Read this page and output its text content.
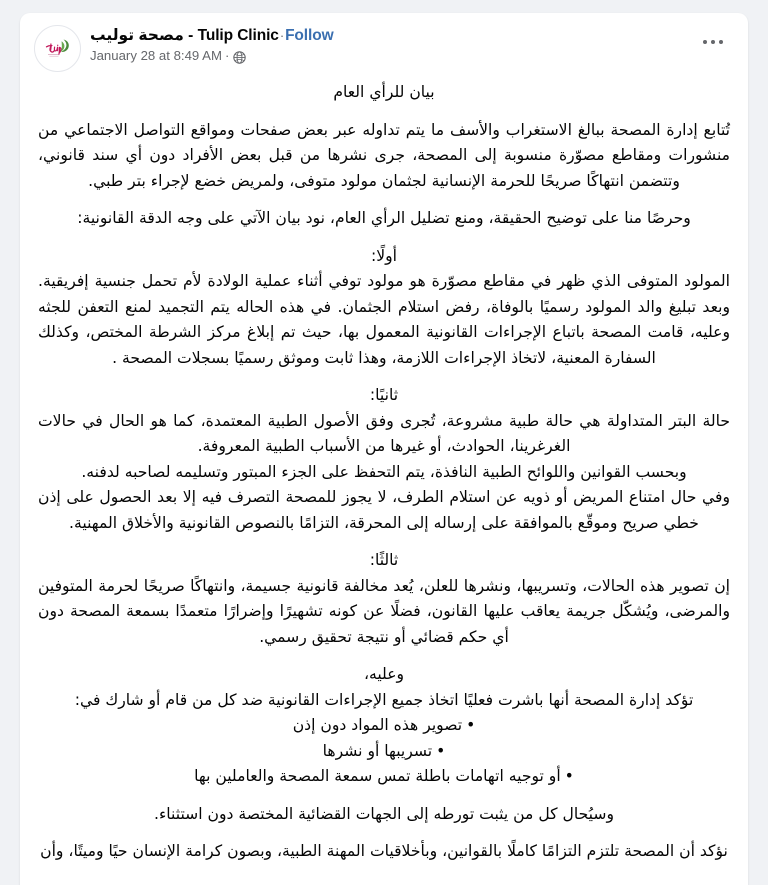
مصحة توليب - Tulip Clinic·Follow
January 28 at 8:49 AM ·

بيان للرأي العام

تُتابع إدارة المصحة ببالغ الاستغراب والأسف ما يتم تداوله عبر بعض صفحات ومواقع التواصل الاجتماعي من منشورات ومقاطع مصوّرة منسوبة إلى المصحة، جرى نشرها من قبل بعض الأفراد دون أي سند قانوني، وتتضمن انتهاكًا صريحًا للحرمة الإنسانية لجثمان مولود متوفى، ولمريض خضع لإجراء بتر طبي.

وحرصًا منا على توضيح الحقيقة، ومنع تضليل الرأي العام، نود بيان الآتي على وجه الدقة القانونية:

أولًا:

المولود المتوفى الذي ظهر في مقاطع مصوّرة هو مولود توفي أثناء عملية الولادة لأم تحمل جنسية إفريقية. وبعد تبليغ والد المولود رسميًا بالوفاة، رفض استلام الجثمان. في هذه الحاله يتم التجميد لمنع التعفن للجثه وعليه، قامت المصحة باتباع الإجراءات القانونية المعمول بها، حيث تم إبلاغ مركز الشرطة المختص، وكذلك السفارة المعنية، لاتخاذ الإجراءات اللازمة، وهذا ثابت وموثق رسميًا بسجلات المصحة .

ثانيًا:

حالة البتر المتداولة هي حالة طبية مشروعة، تُجرى وفق الأصول الطبية المعتمدة، كما هو الحال في حالات الغرغرينا، الحوادث، أو غيرها من الأسباب الطبية المعروفة.

وبحسب القوانين واللوائح الطبية النافذة، يتم التحفظ على الجزء المبتور وتسليمه لصاحبه لدفنه.

وفي حال امتناع المريض أو ذويه عن استلام الطرف، لا يجوز للمصحة التصرف فيه إلا بعد الحصول على إذن خطي صريح وموقّع بالموافقة على إرساله إلى المحرقة، التزامًا بالنصوص القانونية والأخلاق المهنية.

ثالثًا:

إن تصوير هذه الحالات، وتسريبها، ونشرها للعلن، يُعد مخالفة قانونية جسيمة، وانتهاكًا صريحًا لحرمة المتوفين والمرضى، ويُشكّل جريمة يعاقب عليها القانون، فضلًا عن كونه تشهيرًا وإضرارًا متعمدًا بسمعة المصحة دون أي حكم قضائي أو نتيجة تحقيق رسمي.

وعليه،

تؤكد إدارة المصحة أنها باشرت فعليًا اتخاذ جميع الإجراءات القانونية ضد كل من قام أو شارك في:

•تصوير هذه المواد دون إذن

•تسريبها أو نشرها

•أو توجيه اتهامات باطلة تمس سمعة المصحة والعاملين بها

وسيُحال كل من يثبت تورطه إلى الجهات القضائية المختصة دون استثناء.

نؤكد أن المصحة تلتزم التزامًا كاملًا بالقوانين، وبأخلاقيات المهنة الطبية، وبصون كرامة الإنسان حيًا وميتًا، وأن
